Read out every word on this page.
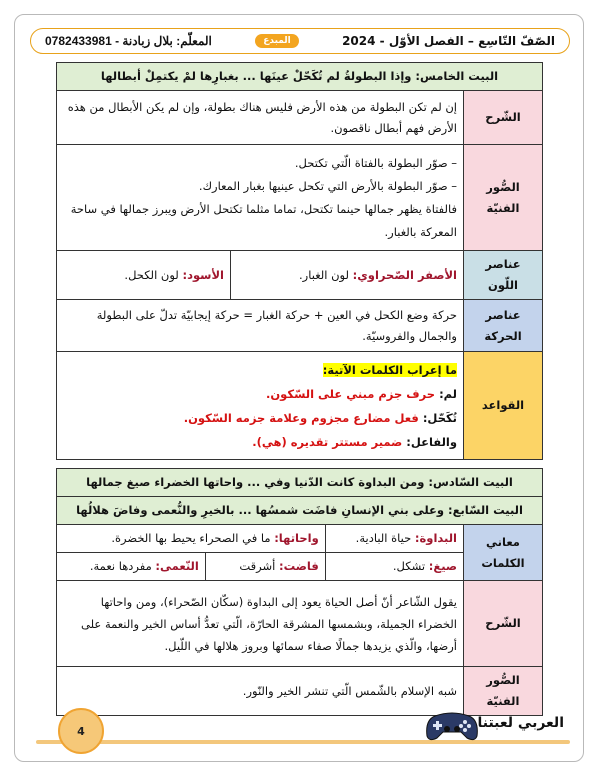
الصّفّ التّاسِع – الفصل الأوّل - 2024
المبدع
المعلّم: بلال زبادنة - 0782433981
البيت الخامس: وإذا البطولةُ لم تُكَحّلْ عينَها ... بغبارِها لمْ يكتمِلْ أبطالها		
الشّرح	إن لم تكن البطولة من هذه الأرض فليس هناك بطولة، وإن لم يكن الأبطال من هذه الأرض فهم أبطال ناقصون.	
الصُّور الفنيّة	– صوّر البطولة بالفتاة الّتي تكتحل.
– صوّر البطولة بالأرض التي تكحل عينيها بغبار المعارك.
فالفتاة يظهر جمالها حينما تكتحل، تماما مثلما تكتحل الأرض ويبرز جمالها في ساحة المعركة بالغبار.	

عناصر اللّون	الأصفر الصّحراوي: لون الغبار.	الأسود: لون الكحل.
عناصر الحركة	حركة وضع الكحل في العين + حركة الغبار = حركة إيجابيّة تدلّ على البطولة والجمال والفروسيّة.	
القواعد	ما إعراب الكلمات الآتية:
لم: حرف جزم مبني على السّكون.
تُكَحّل: فعل مضارع مجزوم وعلامة جزمه السّكون.
والفاعل: ضمير مستتر تقديره (هي).	
البيت السّادس: ومن البداوة كانت الدّنيا وفي ... واحاتها الخضراء صيغ جمالها			
البيت السّابع: وعلى بني الإنسانِ فاضَت شمسُها ... بالخيرِ والنُّعمى وفاضَ هلالُها			
معاني الكلمات	البداوة: حياة البادية.	واحاتها: ما في الصحراء يحيط بها الخضرة.	
	صيغ: تشكل.	فاضت: أشرقت	النّعمى: مفردها نعمة.
الشّرح	يقول الشّاعر أنّ أصل الحياة يعود إلى البداوة (سكّان الصّحراء)، ومن واحاتها الخضراء الجميلة، وبشمسها المشرقة الحارّة، الّتي تعدُّ أساس الخير والنعمة على أرضها، والّذي يزيدها جمالًا صفاء سمائها وبروز هلالها في اللّيل.		
الصُّور الفنيّة	شبه الإسلام بالشّمس الّتي تنشر الخير والنّور.		
4	العربي لعبتنا
